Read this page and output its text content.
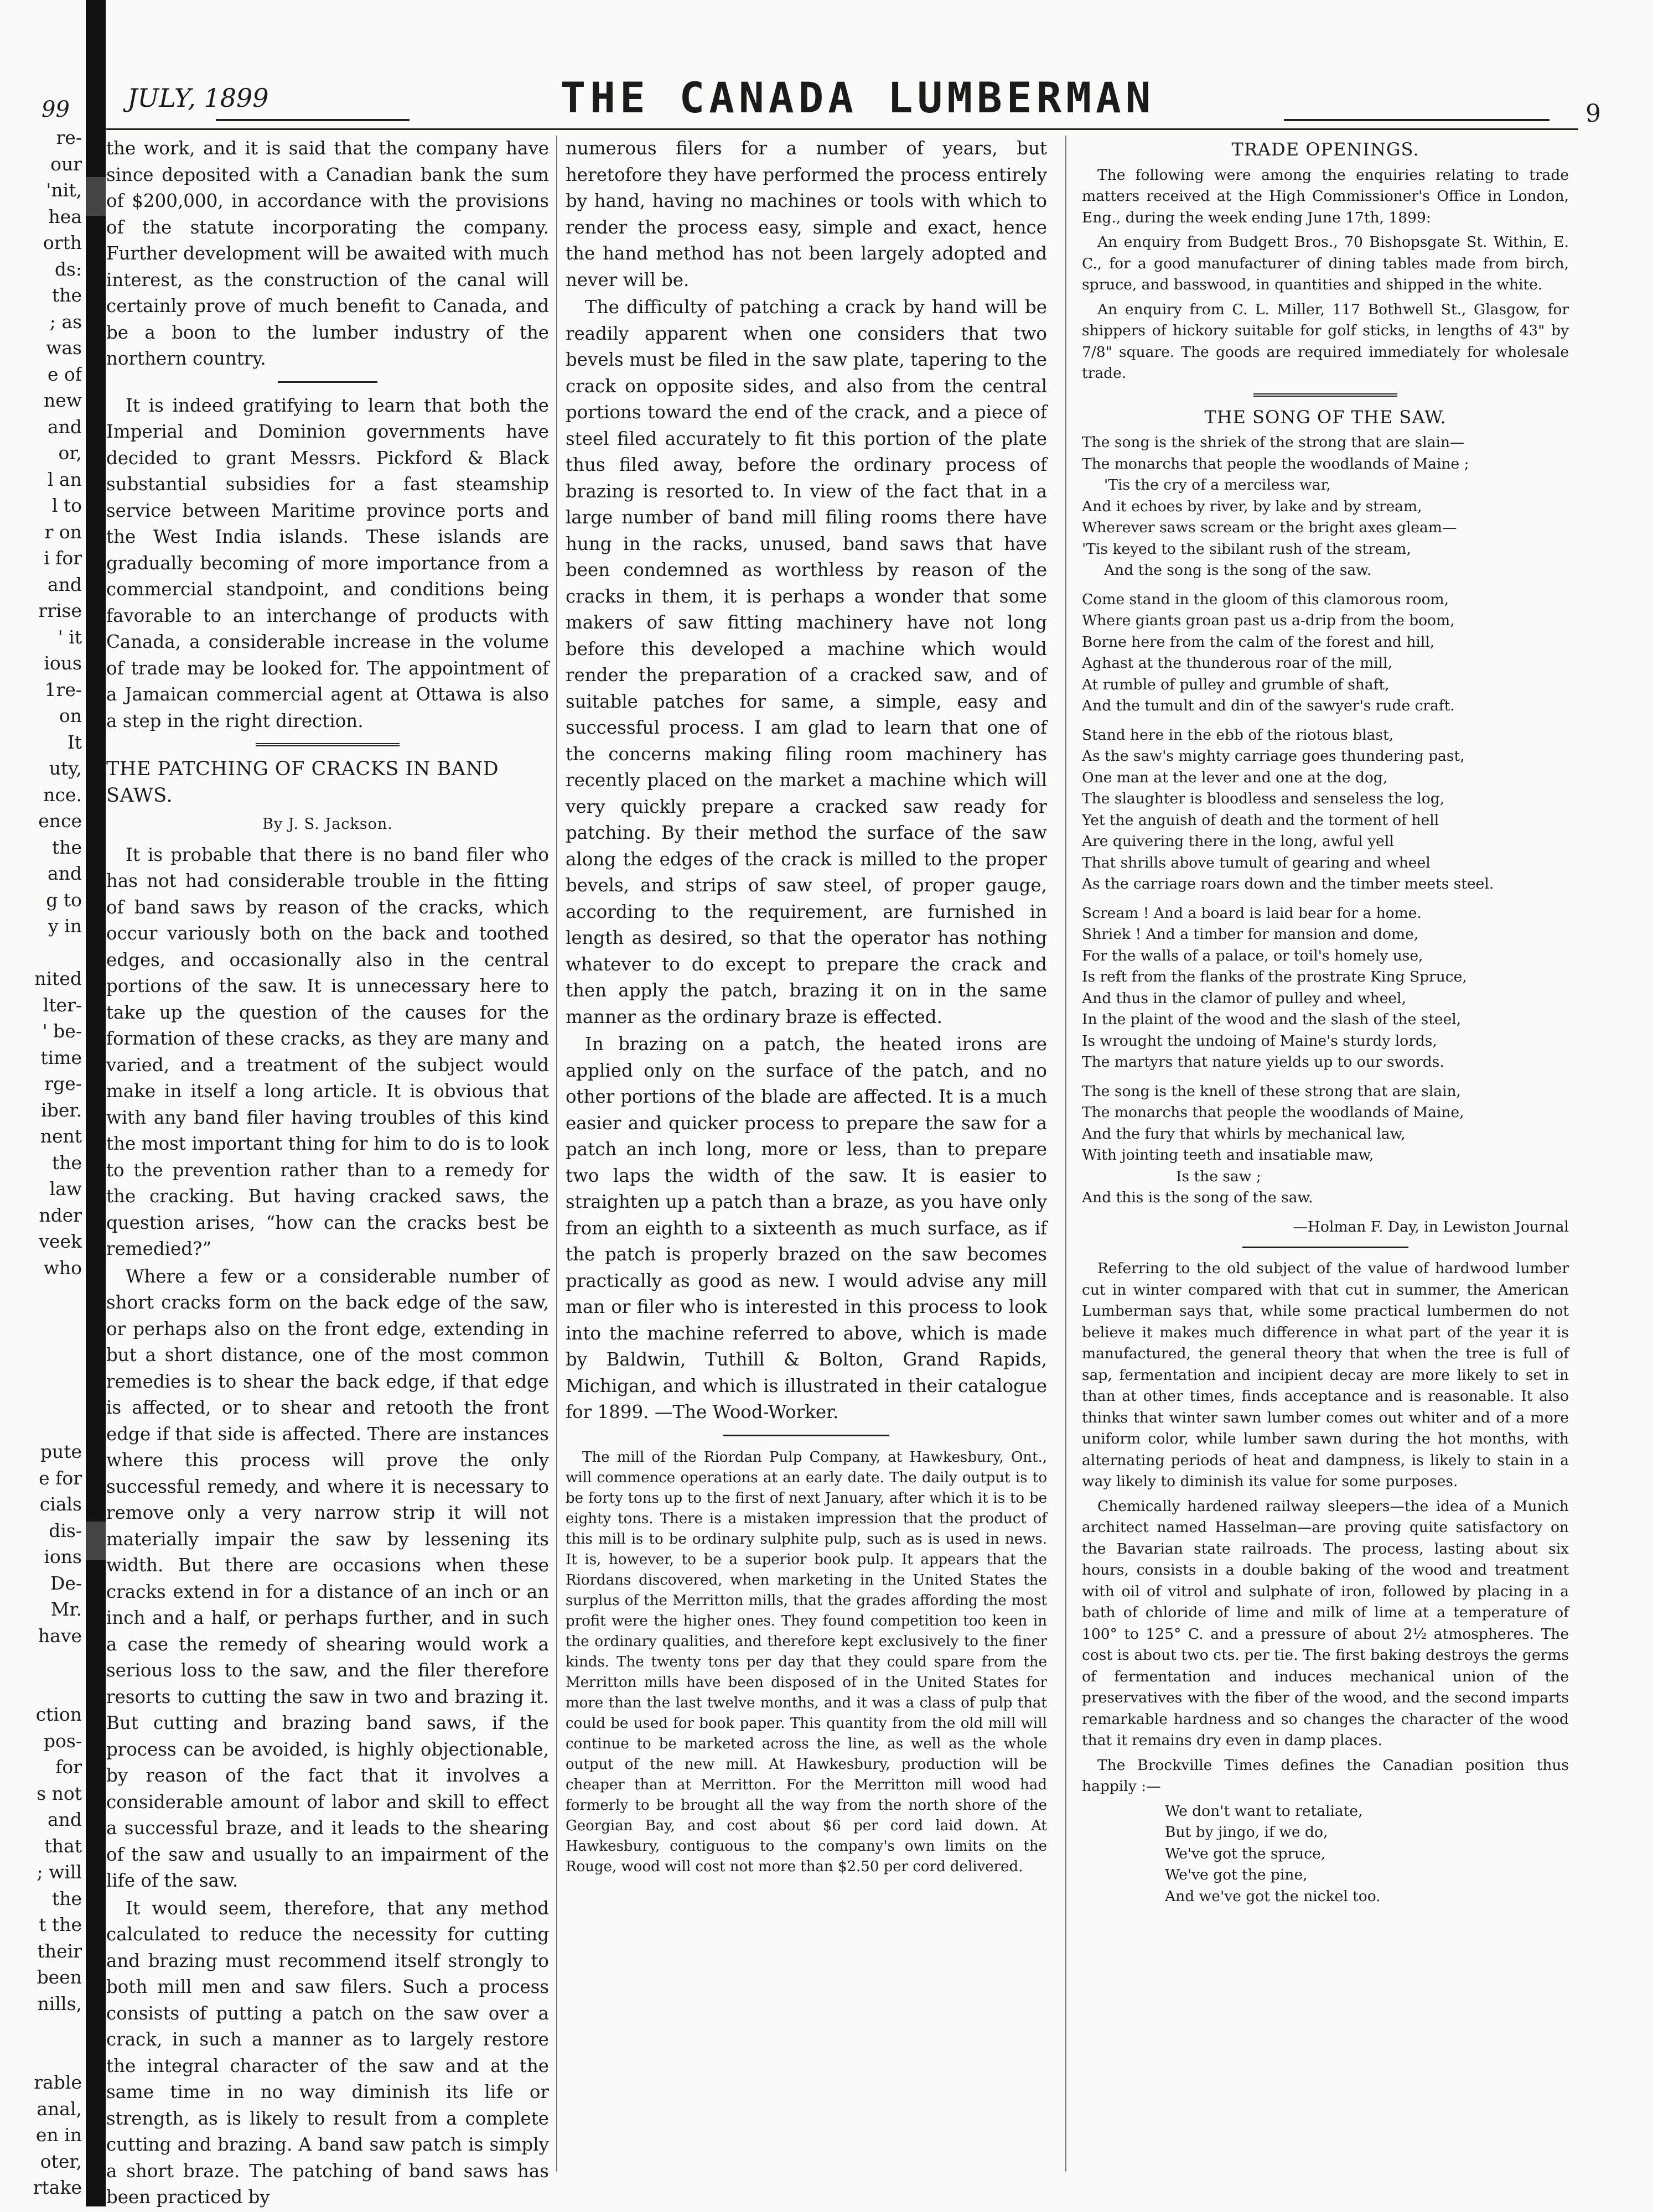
re-
our
'nit,
hea
orth
ds:
the
; as
was
e of
new
and
or,
l an
l to
r on
i for
and
rrise
' it
ious
1re-
on
It
uty,
nce.
ence
the
and
g to
y in
nited
lter-
' be-
time
rge-
iber.
nent
the
law
nder
veek
who
pute
e for
cials
dis-
ions
De-
Mr.
have
ction
pos-
for
s not
and
that
; will
the
t the
their
been
nills,
rable
anal,
en in
oter,
rtake
99 JULY, 1899	THE CANADA LUMBERMAN	9

the work, and it is said that the company have since deposited with a Canadian bank the sum of $200,000, in accordance with the provisions of the statute incorporating the company. Further development will be awaited with much interest, as the construction of the canal will certainly prove of much benefit to Canada, and be a boon to the lumber industry of the northern country.

It is indeed gratifying to learn that both the Imperial and Dominion governments have decided to grant Messrs. Pickford & Black substantial subsidies for a fast steamship service between Maritime province ports and the West India islands. These islands are gradually becoming of more importance from a commercial standpoint, and conditions being favorable to an interchange of products with Canada, a considerable increase in the volume of trade may be looked for. The appointment of a Jamaican commercial agent at Ottawa is also a step in the right direction.

THE PATCHING OF CRACKS IN BAND SAWS.
By J. S. Jackson.

It is probable that there is no band filer who has not had considerable trouble in the fitting of band saws by reason of the cracks, which occur variously both on the back and toothed edges, and occasionally also in the central portions of the saw. It is unnecessary here to take up the question of the causes for the formation of these cracks, as they are many and varied, and a treatment of the subject would make in itself a long article. It is obvious that with any band filer having troubles of this kind the most important thing for him to do is to look to the prevention rather than to a remedy for the cracking. But having cracked saws, the question arises, “how can the cracks best be remedied?”

Where a few or a considerable number of short cracks form on the back edge of the saw, or perhaps also on the front edge, extending in but a short distance, one of the most common remedies is to shear the back edge, if that edge is affected, or to shear and retooth the front edge if that side is affected. There are instances where this process will prove the only successful remedy, and where it is necessary to remove only a very narrow strip it will not materially impair the saw by lessening its width. But there are occasions when these cracks extend in for a distance of an inch or an inch and a half, or perhaps further, and in such a case the remedy of shearing would work a serious loss to the saw, and the filer therefore resorts to cutting the saw in two and brazing it. But cutting and brazing band saws, if the process can be avoided, is highly objectionable, by reason of the fact that it involves a considerable amount of labor and skill to effect a successful braze, and it leads to the shearing of the saw and usually to an impairment of the life of the saw.

It would seem, therefore, that any method calculated to reduce the necessity for cutting and brazing must recommend itself strongly to both mill men and saw filers. Such a process consists of putting a patch on the saw over a crack, in such a manner as to largely restore the integral character of the saw and at the same time in no way diminish its life or strength, as is likely to result from a complete cutting and brazing. A band saw patch is simply a short braze. The patching of band saws has been practiced by

numerous filers for a number of years, but heretofore they have performed the process entirely by hand, having no machines or tools with which to render the process easy, simple and exact, hence the hand method has not been largely adopted and never will be.

The difficulty of patching a crack by hand will be readily apparent when one considers that two bevels must be filed in the saw plate, tapering to the crack on opposite sides, and also from the central portions toward the end of the crack, and a piece of steel filed accurately to fit this portion of the plate thus filed away, before the ordinary process of brazing is resorted to. In view of the fact that in a large number of band mill filing rooms there have hung in the racks, unused, band saws that have been condemned as worthless by reason of the cracks in them, it is perhaps a wonder that some makers of saw fitting machinery have not long before this developed a machine which would render the preparation of a cracked saw, and of suitable patches for same, a simple, easy and successful process. I am glad to learn that one of the concerns making filing room machinery has recently placed on the market a machine which will very quickly prepare a cracked saw ready for patching. By their method the surface of the saw along the edges of the crack is milled to the proper bevels, and strips of saw steel, of proper gauge, according to the requirement, are furnished in length as desired, so that the operator has nothing whatever to do except to prepare the crack and then apply the patch, brazing it on in the same manner as the ordinary braze is effected.

In brazing on a patch, the heated irons are applied only on the surface of the patch, and no other portions of the blade are affected. It is a much easier and quicker process to prepare the saw for a patch an inch long, more or less, than to prepare two laps the width of the saw. It is easier to straighten up a patch than a braze, as you have only from an eighth to a sixteenth as much surface, as if the patch is properly brazed on the saw becomes practically as good as new. I would advise any mill man or filer who is interested in this process to look into the machine referred to above, which is made by Baldwin, Tuthill & Bolton, Grand Rapids, Michigan, and which is illustrated in their catalogue for 1899. —The Wood-Worker.

The mill of the Riordan Pulp Company, at Hawkesbury, Ont., will commence operations at an early date. The daily output is to be forty tons up to the first of next January, after which it is to be eighty tons. There is a mistaken impression that the product of this mill is to be ordinary sulphite pulp, such as is used in news. It is, however, to be a superior book pulp. It appears that the Riordans discovered, when marketing in the United States the surplus of the Merritton mills, that the grades affording the most profit were the higher ones. They found competition too keen in the ordinary qualities, and therefore kept exclusively to the finer kinds. The twenty tons per day that they could spare from the Merritton mills have been disposed of in the United States for more than the last twelve months, and it was a class of pulp that could be used for book paper. This quantity from the old mill will continue to be marketed across the line, as well as the whole output of the new mill. At Hawkesbury, production will be cheaper than at Merritton. For the Merritton mill wood had formerly to be brought all the way from the north shore of the Georgian Bay, and cost about $6 per cord laid down. At Hawkesbury, contiguous to the company's own limits on the Rouge, wood will cost not more than $2.50 per cord delivered.

TRADE OPENINGS.

The following were among the enquiries relating to trade matters received at the High Commissioner's Office in London, Eng., during the week ending June 17th, 1899:

An enquiry from Budgett Bros., 70 Bishopsgate St. Within, E. C., for a good manufacturer of dining tables made from birch, spruce, and basswood, in quantities and shipped in the white.

An enquiry from C. L. Miller, 117 Bothwell St., Glasgow, for shippers of hickory suitable for golf sticks, in lengths of 43" by 7/8" square. The goods are required immediately for wholesale trade.

THE SONG OF THE SAW.
The song is the shriek of the strong that are slain—
The monarchs that people the woodlands of Maine ;
'Tis the cry of a merciless war,
And it echoes by river, by lake and by stream,
Wherever saws scream or the bright axes gleam—
'Tis keyed to the sibilant rush of the stream,
And the song is the song of the saw.
Come stand in the gloom of this clamorous room,
Where giants groan past us a-drip from the boom,
Borne here from the calm of the forest and hill,
Aghast at the thunderous roar of the mill,
At rumble of pulley and grumble of shaft,
And the tumult and din of the sawyer's rude craft.
Stand here in the ebb of the riotous blast,
As the saw's mighty carriage goes thundering past,
One man at the lever and one at the dog,
The slaughter is bloodless and senseless the log,
Yet the anguish of death and the torment of hell
Are quivering there in the long, awful yell
That shrills above tumult of gearing and wheel
As the carriage roars down and the timber meets steel.
Scream ! And a board is laid bear for a home.
Shriek ! And a timber for mansion and dome,
For the walls of a palace, or toil's homely use,
Is reft from the flanks of the prostrate King Spruce,
And thus in the clamor of pulley and wheel,
In the plaint of the wood and the slash of the steel,
Is wrought the undoing of Maine's sturdy lords,
The martyrs that nature yields up to our swords.
The song is the knell of these strong that are slain,
The monarchs that people the woodlands of Maine,
And the fury that whirls by mechanical law,
With jointing teeth and insatiable maw,
Is the saw ;
And this is the song of the saw.
—Holman F. Day, in Lewiston Journal

Referring to the old subject of the value of hardwood lumber cut in winter compared with that cut in summer, the American Lumberman says that, while some practical lumbermen do not believe it makes much difference in what part of the year it is manufactured, the general theory that when the tree is full of sap, fermentation and incipient decay are more likely to set in than at other times, finds acceptance and is reasonable. It also thinks that winter sawn lumber comes out whiter and of a more uniform color, while lumber sawn during the hot months, with alternating periods of heat and dampness, is likely to stain in a way likely to diminish its value for some purposes.

Chemically hardened railway sleepers—the idea of a Munich architect named Hasselman—are proving quite satisfactory on the Bavarian state railroads. The process, lasting about six hours, consists in a double baking of the wood and treatment with oil of vitrol and sulphate of iron, followed by placing in a bath of chloride of lime and milk of lime at a temperature of 100° to 125° C. and a pressure of about 2½ atmospheres. The cost is about two cts. per tie. The first baking destroys the germs of fermentation and induces mechanical union of the preservatives with the fiber of the wood, and the second imparts remarkable hardness and so changes the character of the wood that it remains dry even in damp places.

The Brockville Times defines the Canadian position thus happily :—

We don't want to retaliate,
But by jingo, if we do,
We've got the spruce,
We've got the pine,
And we've got the nickel too.
